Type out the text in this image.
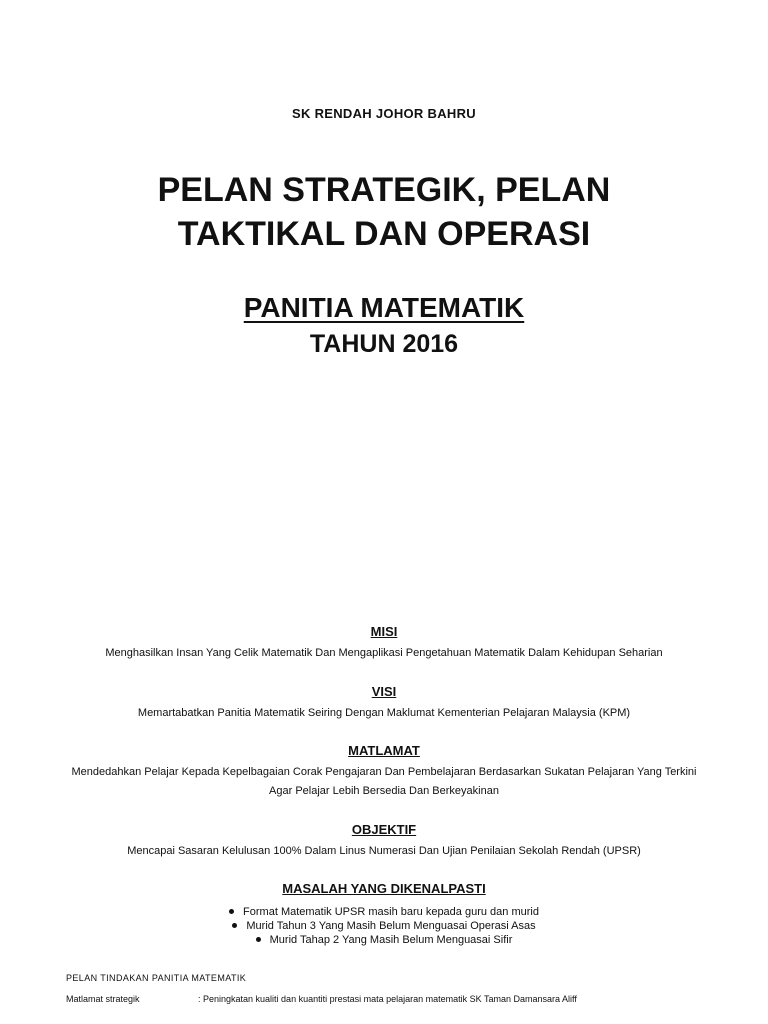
SK RENDAH JOHOR BAHRU
PELAN STRATEGIK, PELAN
TAKTIKAL DAN OPERASI
PANITIA MATEMATIK
TAHUN 2016
MISI
Menghasilkan Insan Yang Celik Matematik Dan Mengaplikasi Pengetahuan Matematik Dalam Kehidupan Seharian
VISI
Memartabatkan Panitia Matematik Seiring Dengan Maklumat Kementerian Pelajaran Malaysia (KPM)
MATLAMAT
Mendedahkan Pelajar Kepada Kepelbagaian Corak Pengajaran Dan Pembelajaran Berdasarkan Sukatan Pelajaran Yang Terkini
Agar Pelajar Lebih Bersedia Dan Berkeyakinan
OBJEKTIF
Mencapai Sasaran Kelulusan 100% Dalam Linus Numerasi Dan Ujian Penilaian Sekolah Rendah (UPSR)
MASALAH YANG DIKENALPASTI
Format Matematik UPSR masih baru kepada guru dan murid
Murid Tahun 3 Yang Masih Belum Menguasai Operasi Asas
Murid Tahap 2 Yang Masih Belum Menguasai Sifir
PELAN TINDAKAN PANITIA MATEMATIK
Matlamat strategik	: Peningkatan kualiti dan kuantiti prestasi mata pelajaran matematik SK Taman Damansara Aliff
